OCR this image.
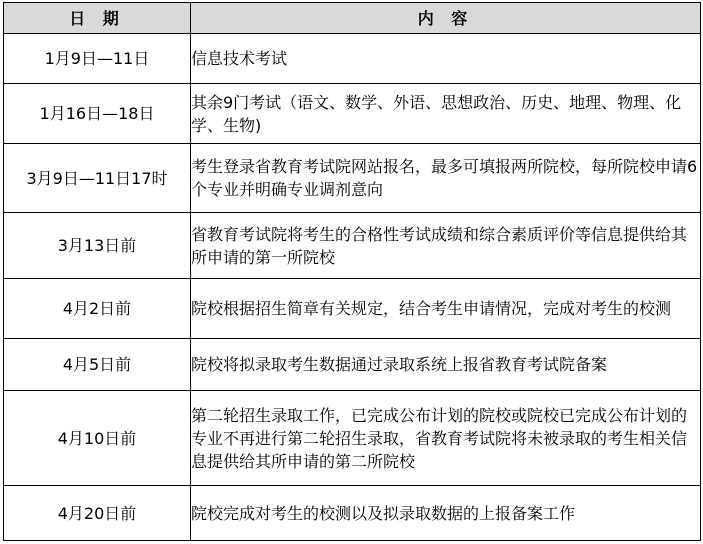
日 期	内 容
1月9日—11日	信息技术考试
1月16日—18日	其余9门考试（语文、数学、外语、思想政治、历史、地理、物理、化学、生物)
3月9日—11日17时	考生登录省教育考试院网站报名，最多可填报两所院校，每所院校申请6个专业并明确专业调剂意向
3月13日前	省教育考试院将考生的合格性考试成绩和综合素质评价等信息提供给其所申请的第一所院校
4月2日前	院校根据招生简章有关规定，结合考生申请情况，完成对考生的校测
4月5日前	院校将拟录取考生数据通过录取系统上报省教育考试院备案
4月10日前	第二轮招生录取工作，已完成公布计划的院校或院校已完成公布计划的专业不再进行第二轮招生录取，省教育考试院将未被录取的考生相关信息提供给其所申请的第二所院校
4月20日前	院校完成对考生的校测以及拟录取数据的上报备案工作
